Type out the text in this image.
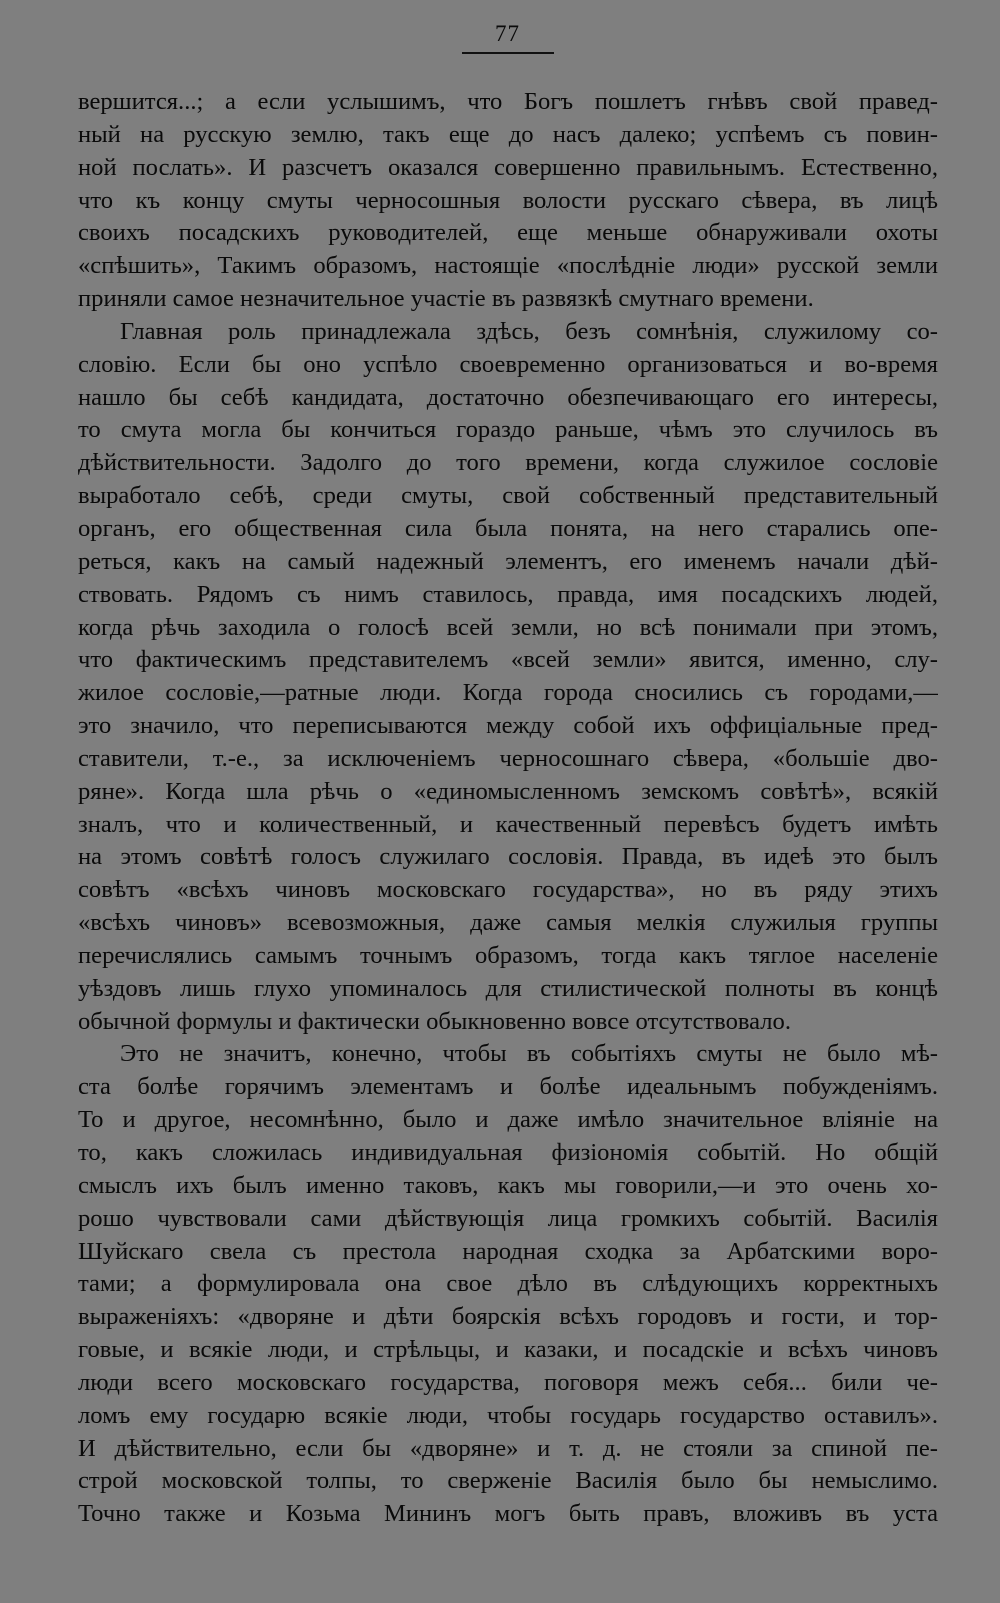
77
вершится...; а если услышимъ, что Богъ пошлетъ гнѣвъ свой правед-
ный на русскую землю, такъ еще до насъ далеко; успѣемъ съ повин-
ной послать». И разсчетъ оказался совершенно правильнымъ. Естественно,
что къ концу смуты черносошныя волости русскаго сѣвера, въ лицѣ
своихъ посадскихъ руководителей, еще меньше обнаруживали охоты
«спѣшить», Такимъ образомъ, настоящіе «послѣдніе люди» русской земли
приняли самое незначительное участіе въ развязкѣ смутнаго времени.
Главная роль принадлежала здѣсь, безъ сомнѣнія, служилому со-
словію. Если бы оно успѣло своевременно организоваться и во-время
нашло бы себѣ кандидата, достаточно обезпечивающаго его интересы,
то смута могла бы кончиться гораздо раньше, чѣмъ это случилось въ
дѣйствительности. Задолго до того времени, когда служилое сословіе
выработало себѣ, среди смуты, свой собственный представительный
органъ, его общественная сила была понята, на него старались опе-
реться, какъ на самый надежный элементъ, его именемъ начали дѣй-
ствовать. Рядомъ съ нимъ ставилось, правда, имя посадскихъ людей,
когда рѣчь заходила о голосѣ всей земли, но всѣ понимали при этомъ,
что фактическимъ представителемъ «всей земли» явится, именно, слу-
жилое сословіе,—ратные люди. Когда города сносились съ городами,—
это значило, что переписываются между собой ихъ оффиціальные пред-
ставители, т.-е., за исключеніемъ черносошнаго сѣвера, «большіе дво-
ряне». Когда шла рѣчь о «единомысленномъ земскомъ совѣтѣ», всякій
зналъ, что и количественный, и качественный перевѣсъ будетъ имѣть
на этомъ совѣтѣ голосъ служилаго сословія. Правда, въ идеѣ это былъ
совѣтъ «всѣхъ чиновъ московскаго государства», но въ ряду этихъ
«всѣхъ чиновъ» всевозможныя, даже самыя мелкія служилыя группы
перечислялись самымъ точнымъ образомъ, тогда какъ тяглое населеніе
уѣздовъ лишь глухо упоминалось для стилистической полноты въ концѣ
обычной формулы и фактически обыкновенно вовсе отсутствовало.
Это не значитъ, конечно, чтобы въ событіяхъ смуты не было мѣ-
ста болѣе горячимъ элементамъ и болѣе идеальнымъ побужденіямъ.
То и другое, несомнѣнно, было и даже имѣло значительное вліяніе на
то, какъ сложилась индивидуальная физіономія событій. Но общій
смыслъ ихъ былъ именно таковъ, какъ мы говорили,—и это очень хо-
рошо чувствовали сами дѣйствующія лица громкихъ событій. Василія
Шуйскаго свела съ престола народная сходка за Арбатскими воро-
тами; а формулировала она свое дѣло въ слѣдующихъ корректныхъ
выраженіяхъ: «дворяне и дѣти боярскія всѣхъ городовъ и гости, и тор-
говые, и всякіе люди, и стрѣльцы, и казаки, и посадскіе и всѣхъ чиновъ
люди всего московскаго государства, поговоря межъ себя... били че-
ломъ ему государю всякіе люди, чтобы государь государство оставилъ».
И дѣйствительно, если бы «дворяне» и т. д. не стояли за спиной пе-
строй московской толпы, то сверженіе Василія было бы немыслимо.
Точно также и Козьма Мининъ могъ быть правъ, вложивъ въ уста
